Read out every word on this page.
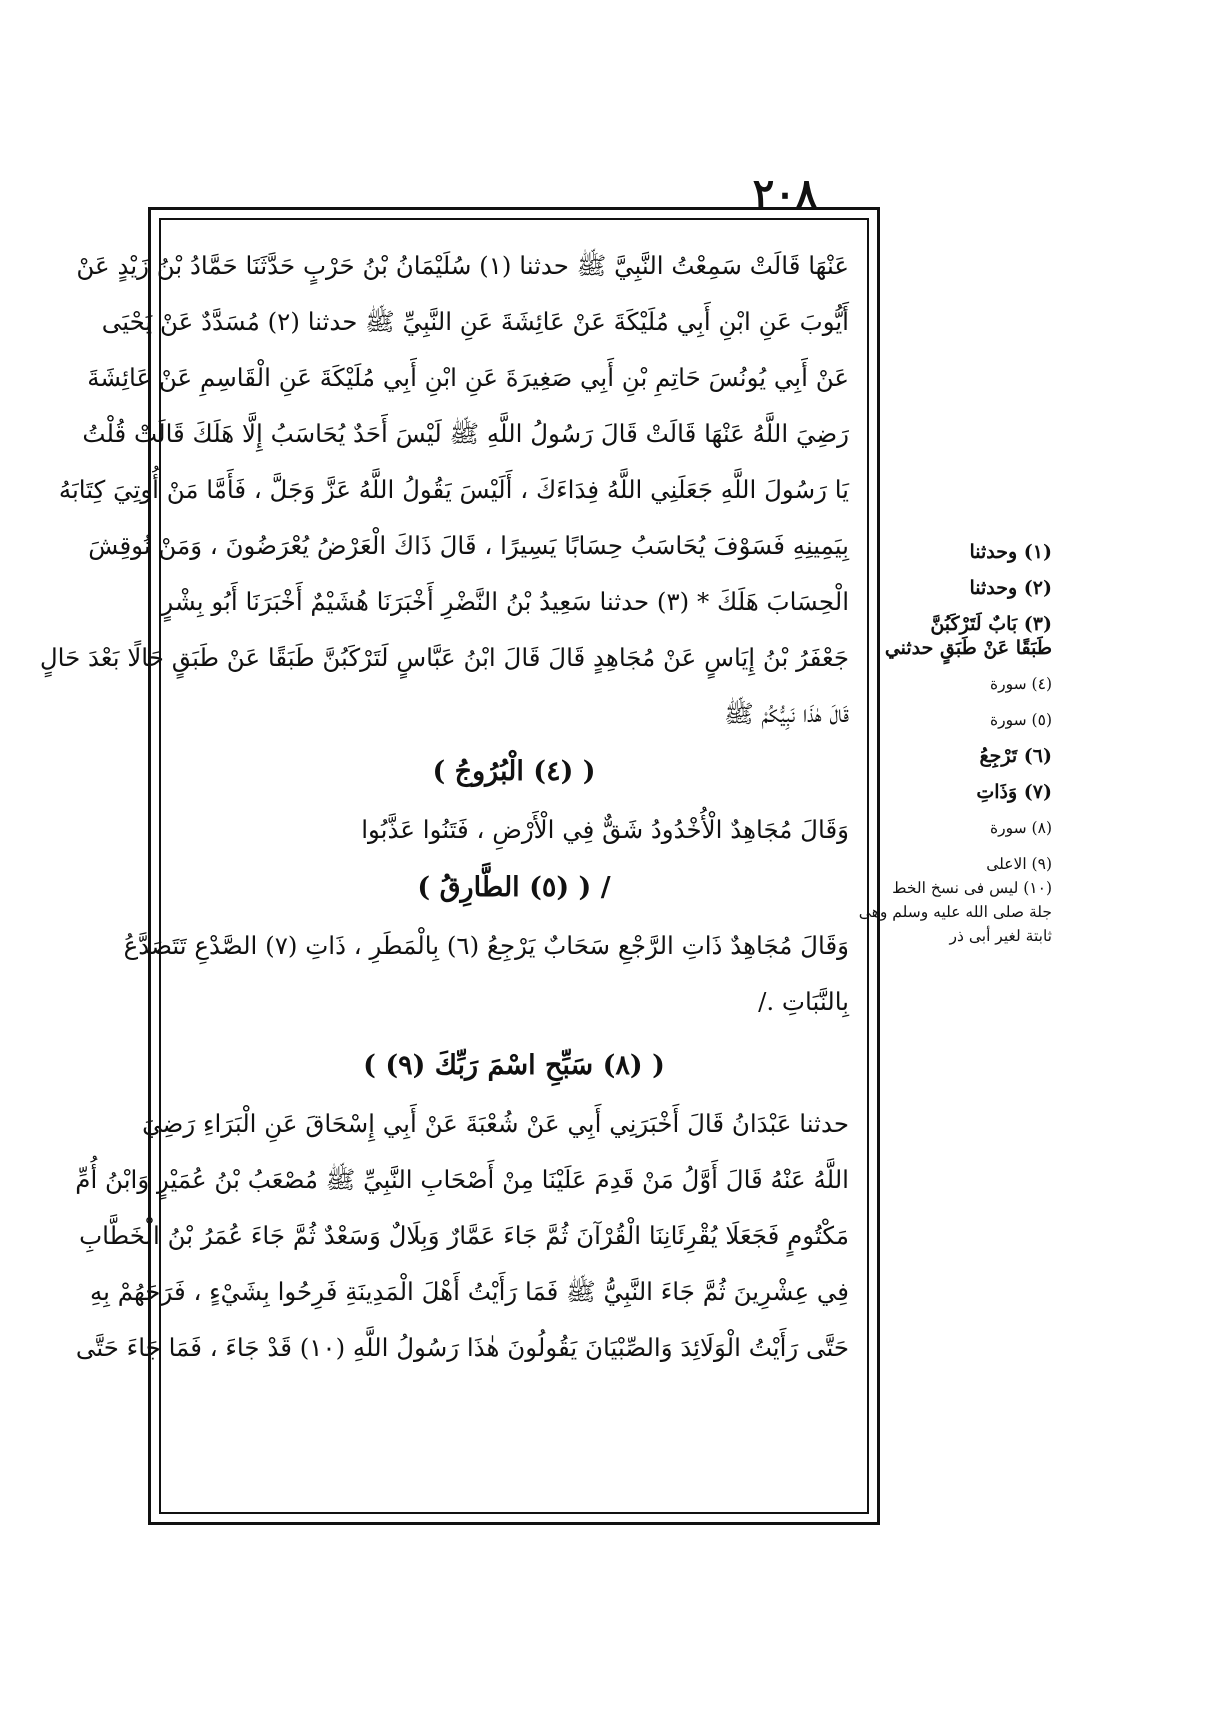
٢٠٨
عَنْهَا قَالَتْ سَمِعْتُ النَّبِيَّ ﷺ حدثنا (١) سُلَيْمَانُ بْنُ حَرْبٍ حَدَّثَنَا حَمَّادُ بْنُ زَيْدٍ عَنْ
أَيُّوبَ عَنِ ابْنِ أَبِي مُلَيْكَةَ عَنْ عَائِشَةَ عَنِ النَّبِيِّ ﷺ حدثنا (٢) مُسَدَّدٌ عَنْ يَحْيَى
عَنْ أَبِي يُونُسَ حَاتِمِ بْنِ أَبِي صَغِيرَةَ عَنِ ابْنِ أَبِي مُلَيْكَةَ عَنِ الْقَاسِمِ عَنْ عَائِشَةَ
رَضِيَ اللَّهُ عَنْهَا قَالَتْ قَالَ رَسُولُ اللَّهِ ﷺ لَيْسَ أَحَدٌ يُحَاسَبُ إِلَّا هَلَكَ قَالَتْ قُلْتُ
يَا رَسُولَ اللَّهِ جَعَلَنِي اللَّهُ فِدَاءَكَ ، أَلَيْسَ يَقُولُ اللَّهُ عَزَّ وَجَلَّ ، فَأَمَّا مَنْ أُوتِيَ كِتَابَهُ
بِيَمِينِهِ فَسَوْفَ يُحَاسَبُ حِسَابًا يَسِيرًا ، قَالَ ذَاكَ الْعَرْضُ يُعْرَضُونَ ، وَمَنْ نُوقِشَ
الْحِسَابَ هَلَكَ * (٣) حدثنا سَعِيدُ بْنُ النَّضْرِ أَخْبَرَنَا هُشَيْمٌ أَخْبَرَنَا أَبُو بِشْرٍ
جَعْفَرُ بْنُ إِيَاسٍ عَنْ مُجَاهِدٍ قَالَ قَالَ ابْنُ عَبَّاسٍ لَتَرْكَبُنَّ طَبَقًا عَنْ طَبَقٍ حَالًا بَعْدَ حَالٍ
قَالَ هٰذَا نَبِيُّكُمْ ﷺ
( (٤) الْبُرُوجُ )
وَقَالَ مُجَاهِدٌ الْأُخْدُودُ شَقٌّ فِي الْأَرْضِ ، فَتَنُوا عَذَّبُوا
/ ( (٥) الطَّارِقُ )
وَقَالَ مُجَاهِدٌ ذَاتِ الرَّجْعِ سَحَابٌ يَرْجِعُ (٦) بِالْمَطَرِ ، ذَاتِ (٧) الصَّدْعِ تَتَصَدَّعُ
بِالنَّبَاتِ ./
( (٨) سَبِّحِ اسْمَ رَبِّكَ (٩) )
حدثنا عَبْدَانُ قَالَ أَخْبَرَنِي أَبِي عَنْ شُعْبَةَ عَنْ أَبِي إِسْحَاقَ عَنِ الْبَرَاءِ رَضِيَ
اللَّهُ عَنْهُ قَالَ أَوَّلُ مَنْ قَدِمَ عَلَيْنَا مِنْ أَصْحَابِ النَّبِيِّ ﷺ مُصْعَبُ بْنُ عُمَيْرٍ وَابْنُ أُمِّ
مَكْتُومٍ فَجَعَلَا يُقْرِئَانِنَا الْقُرْآنَ ثُمَّ جَاءَ عَمَّارٌ وَبِلَالٌ وَسَعْدٌ ثُمَّ جَاءَ عُمَرُ بْنُ الْخَطَّابِ
فِي عِشْرِينَ ثُمَّ جَاءَ النَّبِيُّ ﷺ فَمَا رَأَيْتُ أَهْلَ الْمَدِينَةِ فَرِحُوا بِشَيْءٍ ، فَرَحَهُمْ بِهِ
حَتَّى رَأَيْتُ الْوَلَائِدَ وَالصِّبْيَانَ يَقُولُونَ هٰذَا رَسُولُ اللَّهِ (١٠) قَدْ جَاءَ ، فَمَا جَاءَ حَتَّى
(١) وحدثنا
(٢) وحدثنا
(٣) بَابٌ لَتَرْكَبُنَّ
طَبَقًا عَنْ طَبَقٍ حدثني
(٤) سورة
(٥) سورة
(٦) تَرْجِعُ
(٧) وَذَاتِ
(٨) سورة
(٩) الاعلى
(١٠) ليس فى نسخ الخط
جلة صلى الله عليه وسلم وهى
ثابتة لغير أبى ذر
